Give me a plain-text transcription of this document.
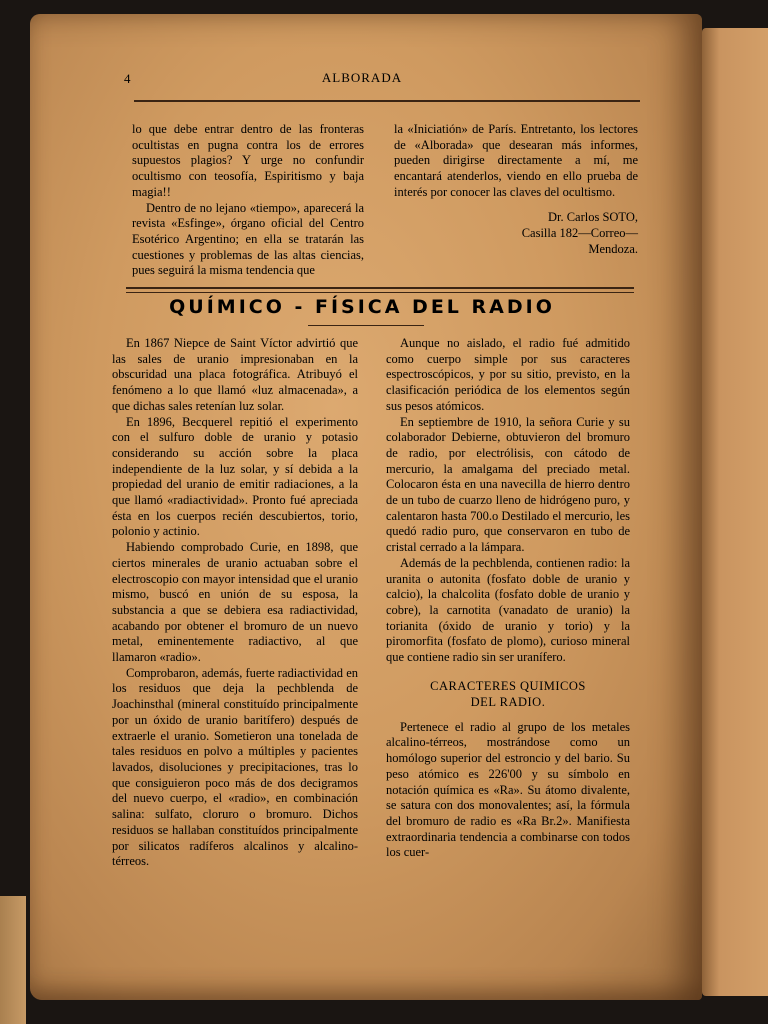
4	ALBORADA

lo que debe entrar dentro de las fronteras ocultistas en pugna contra los de errores supuestos plagios? Y urge no confundir ocultismo con teosofía, Espiritismo y baja magia!!

Dentro de no lejano «tiempo», aparecerá la revista «Esfinge», órgano oficial del Centro Esotérico Argentino; en ella se tratarán las cuestiones y problemas de las altas ciencias, pues seguirá la misma tendencia que

la «Iniciatión» de París. Entretanto, los lectores de «Alborada» que desearan más informes, pueden dirigirse directamente a mí, me encantará atenderlos, viendo en ello prueba de interés por conocer las claves del ocultismo.

Dr. Carlos SOTO,
Casilla 182—Correo—
Mendoza.
QUÍMICO - FÍSICA DEL RADIO

En 1867 Niepce de Saint Víctor advirtió que las sales de uranio impresionaban en la obscuridad una placa fotográfica. Atribuyó el fenómeno a lo que llamó «luz almacenada», a que dichas sales retenían luz solar.

En 1896, Becquerel repitió el experimento con el sulfuro doble de uranio y potasio considerando su acción sobre la placa independiente de la luz solar, y sí debida a la propiedad del uranio de emitir radiaciones, a la que llamó «radiactividad». Pronto fué apreciada ésta en los cuerpos recién descubiertos, torio, polonio y actinio.

Habiendo comprobado Curie, en 1898, que ciertos minerales de uranio actuaban sobre el electroscopio con mayor intensidad que el uranio mismo, buscó en unión de su esposa, la substancia a que se debiera esa radiactividad, acabando por obtener el bromuro de un nuevo metal, eminentemente radiactivo, al que llamaron «radio».

Comprobaron, además, fuerte radiactividad en los residuos que deja la pechblenda de Joachinsthal (mineral constituído principalmente por un óxido de uranio baritífero) después de extraerle el uranio. Sometieron una tonelada de tales residuos en polvo a múltiples y pacientes lavados, disoluciones y precipitaciones, tras lo que consiguieron poco más de dos decigramos del nuevo cuerpo, el «radio», en combinación salina: sulfato, cloruro o bromuro. Dichos residuos se hallaban constituídos principalmente por silicatos radíferos alcalinos y alcalino-térreos.

Aunque no aislado, el radio fué admitido como cuerpo simple por sus caracteres espectroscópicos, y por su sitio, previsto, en la clasificación periódica de los elementos según sus pesos atómicos.

En septiembre de 1910, la señora Curie y su colaborador Debierne, obtuvieron del bromuro de radio, por electrólisis, con cátodo de mercurio, la amalgama del preciado metal. Colocaron ésta en una navecilla de hierro dentro de un tubo de cuarzo lleno de hidrógeno puro, y calentaron hasta 700.o Destilado el mercurio, les quedó radio puro, que conservaron en tubo de cristal cerrado a la lámpara.

Además de la pechblenda, contienen radio: la uranita o autonita (fosfato doble de uranio y calcio), la chalcolita (fosfato doble de uranio y cobre), la carnotita (vanadato de uranio) la torianita (óxido de uranio y torio) y la piromorfita (fosfato de plomo), curioso mineral que contiene radio sin ser uranífero.

CARACTERES QUIMICOS
DEL RADIO.

Pertenece el radio al grupo de los metales alcalino-térreos, mostrándose como un homólogo superior del estroncio y del bario. Su peso atómico es 226'00 y su símbolo en notación química es «Ra». Su átomo divalente, se satura con dos monovalentes; así, la fórmula del bromuro de radio es «Ra Br.2». Manifiesta extraordinaria tendencia a combinarse con todos los cuer-
